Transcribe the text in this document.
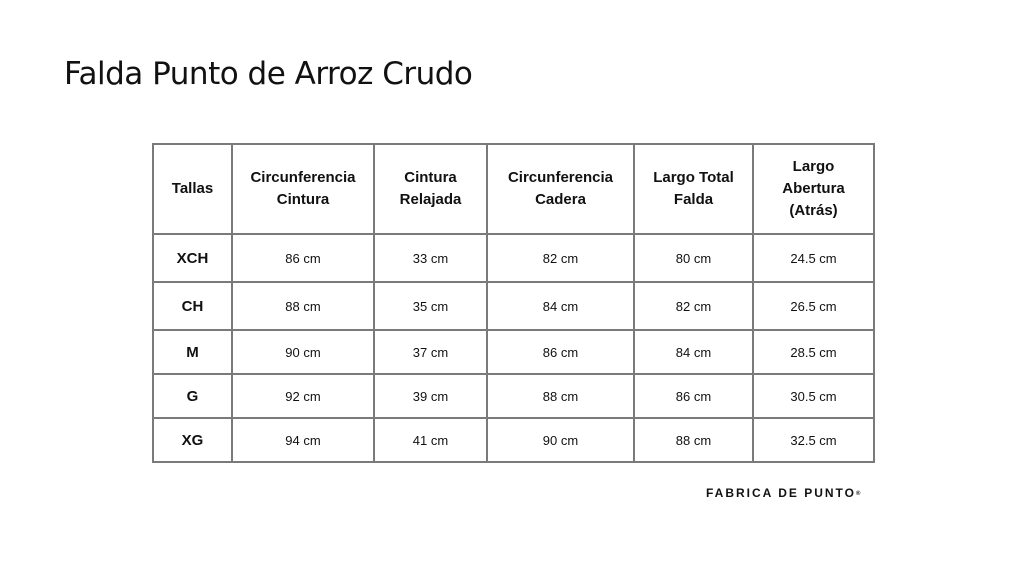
Falda Punto de Arroz Crudo
Tallas	Circunferencia Cintura	Cintura Relajada	Circunferencia Cadera	Largo Total Falda	Largo Abertura (Atrás)
XCH	86 cm	33 cm	82 cm	80 cm	24.5 cm
CH	88 cm	35 cm	84 cm	82 cm	26.5 cm
M	90 cm	37 cm	86 cm	84 cm	28.5 cm
G	92 cm	39 cm	88 cm	86 cm	30.5 cm
XG	94 cm	41 cm	90 cm	88 cm	32.5 cm
FABRICA DE PUNTO®
